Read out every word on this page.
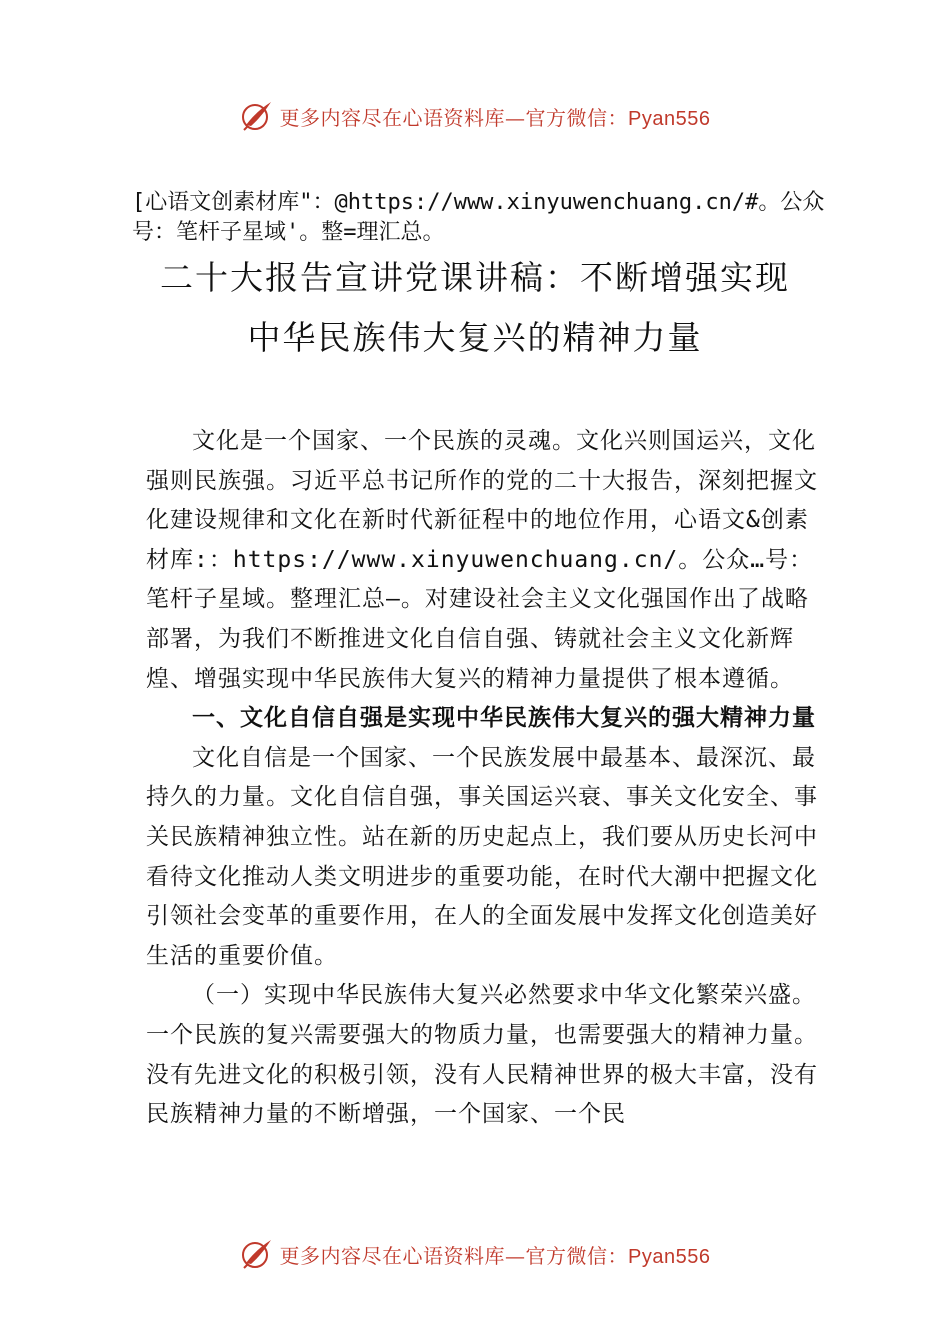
更多内容尽在心语资料库—官方微信：Pyan556
[心语文创素材库"：@https://www.xinyuwenchuang.cn/#。公众号：笔杆子星域'。整=理汇总。
二十大报告宣讲党课讲稿：不断增强实现
中华民族伟大复兴的精神力量

文化是一个国家、一个民族的灵魂。文化兴则国运兴，文化强则民族强。习近平总书记所作的党的二十大报告，深刻把握文化建设规律和文化在新时代新征程中的地位作用，心语文&创素材库:：https://www.xinyuwenchuang.cn/。公众…号：笔杆子星域。整理汇总—。对建设社会主义文化强国作出了战略部署，为我们不断推进文化自信自强、铸就社会主义文化新辉煌、增强实现中华民族伟大复兴的精神力量提供了根本遵循。

一、文化自信自强是实现中华民族伟大复兴的强大精神力量

文化自信是一个国家、一个民族发展中最基本、最深沉、最持久的力量。文化自信自强，事关国运兴衰、事关文化安全、事关民族精神独立性。站在新的历史起点上，我们要从历史长河中看待文化推动人类文明进步的重要功能，在时代大潮中把握文化引领社会变革的重要作用，在人的全面发展中发挥文化创造美好生活的重要价值。

（一）实现中华民族伟大复兴必然要求中华文化繁荣兴盛。一个民族的复兴需要强大的物质力量，也需要强大的精神力量。没有先进文化的积极引领，没有人民精神世界的极大丰富，没有民族精神力量的不断增强，一个国家、一个民

更多内容尽在心语资料库—官方微信：Pyan556
